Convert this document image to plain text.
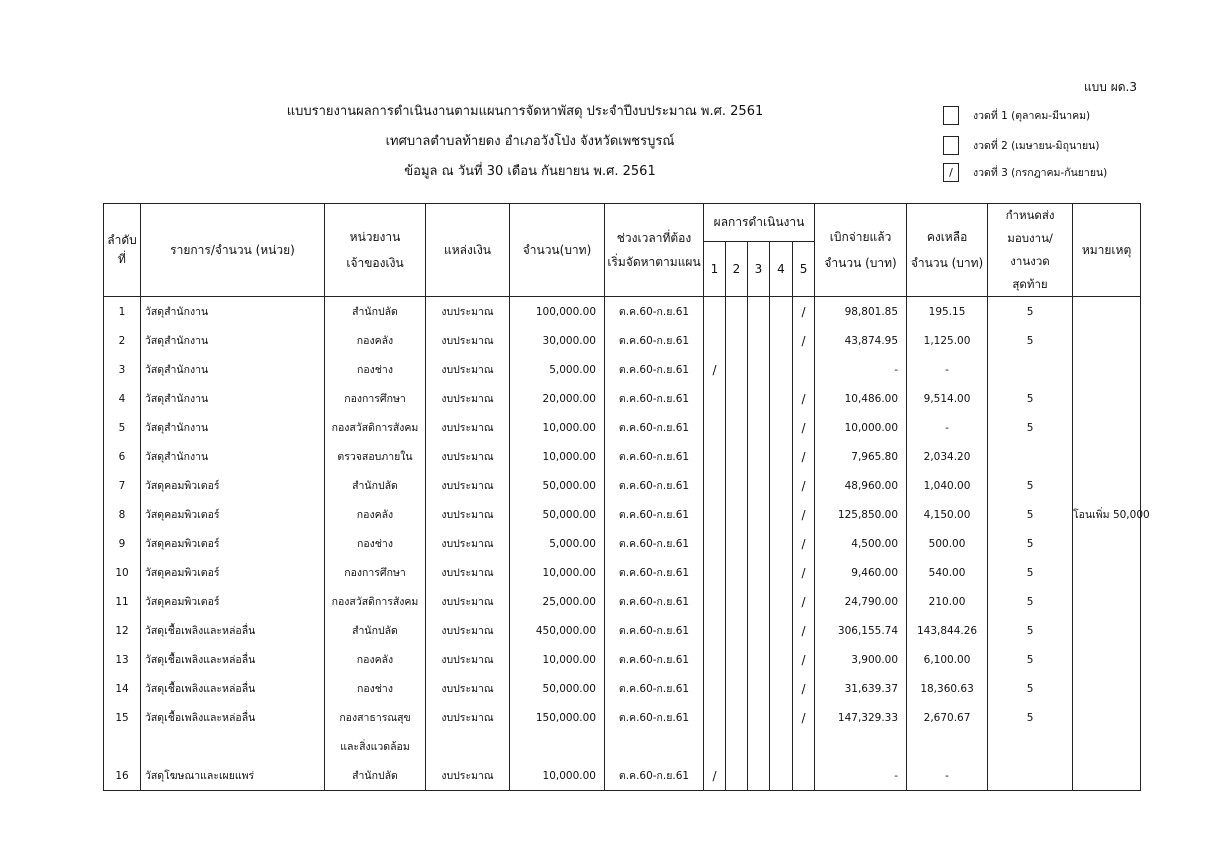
แบบ ผด.3
แบบรายงานผลการดำเนินงานตามแผนการจัดหาพัสดุ ประจำปีงบประมาณ พ.ศ. 2561
เทศบาลตำบลท้ายดง อำเภอวังโป่ง จังหวัดเพชรบูรณ์
ข้อมูล ณ วันที่ 30 เดือน กันยายน พ.ศ. 2561
งวดที่ 1 (ตุลาคม-มีนาคม)
งวดที่ 2 (เมษายน-มิถุนายน)
/	งวดที่ 3 (กรกฎาคม-กันยายน)
ลำดับ
ที่	รายการ/จำนวน (หน่วย)	หน่วยงาน
เจ้าของเงิน	แหล่งเงิน	จำนวน(บาท)	ช่วงเวลาที่ต้อง
เริ่มจัดหาตามแผน	ผลการดำเนินงาน					เบิกจ่ายแล้ว
จำนวน (บาท)	คงเหลือ
จำนวน (บาท)	กำหนดส่ง
มอบงาน/
งานงวด
สุดท้าย	หมายเหตุ
						1	2	3	4	5				
1	วัสดุสำนักงาน	สำนักปลัด	งบประมาณ	100,000.00	ต.ค.60-ก.ย.61					/	98,801.85	195.15	5	
2	วัสดุสำนักงาน	กองคลัง	งบประมาณ	30,000.00	ต.ค.60-ก.ย.61					/	43,874.95	1,125.00	5	
3	วัสดุสำนักงาน	กองช่าง	งบประมาณ	5,000.00	ต.ค.60-ก.ย.61	/					-	-		
4	วัสดุสำนักงาน	กองการศึกษา	งบประมาณ	20,000.00	ต.ค.60-ก.ย.61					/	10,486.00	9,514.00	5	
5	วัสดุสำนักงาน	กองสวัสดิการสังคม	งบประมาณ	10,000.00	ต.ค.60-ก.ย.61					/	10,000.00	-	5	
6	วัสดุสำนักงาน	ตรวจสอบภายใน	งบประมาณ	10,000.00	ต.ค.60-ก.ย.61					/	7,965.80	2,034.20		
7	วัสดุคอมพิวเตอร์	สำนักปลัด	งบประมาณ	50,000.00	ต.ค.60-ก.ย.61					/	48,960.00	1,040.00	5	
8	วัสดุคอมพิวเตอร์	กองคลัง	งบประมาณ	50,000.00	ต.ค.60-ก.ย.61					/	125,850.00	4,150.00	5	โอนเพิ่ม 50,000
9	วัสดุคอมพิวเตอร์	กองช่าง	งบประมาณ	5,000.00	ต.ค.60-ก.ย.61					/	4,500.00	500.00	5	
10	วัสดุคอมพิวเตอร์	กองการศึกษา	งบประมาณ	10,000.00	ต.ค.60-ก.ย.61					/	9,460.00	540.00	5	
11	วัสดุคอมพิวเตอร์	กองสวัสดิการสังคม	งบประมาณ	25,000.00	ต.ค.60-ก.ย.61					/	24,790.00	210.00	5	
12	วัสดุเชื้อเพลิงและหล่อลื่น	สำนักปลัด	งบประมาณ	450,000.00	ต.ค.60-ก.ย.61					/	306,155.74	143,844.26	5	
13	วัสดุเชื้อเพลิงและหล่อลื่น	กองคลัง	งบประมาณ	10,000.00	ต.ค.60-ก.ย.61					/	3,900.00	6,100.00	5	
14	วัสดุเชื้อเพลิงและหล่อลื่น	กองช่าง	งบประมาณ	50,000.00	ต.ค.60-ก.ย.61					/	31,639.37	18,360.63	5	
15	วัสดุเชื้อเพลิงและหล่อลื่น	กองสาธารณสุข	งบประมาณ	150,000.00	ต.ค.60-ก.ย.61					/	147,329.33	2,670.67	5	
		และสิ่งแวดล้อม												
16	วัสดุโฆษณาและเผยแพร่	สำนักปลัด	งบประมาณ	10,000.00	ต.ค.60-ก.ย.61	/					-	-		
